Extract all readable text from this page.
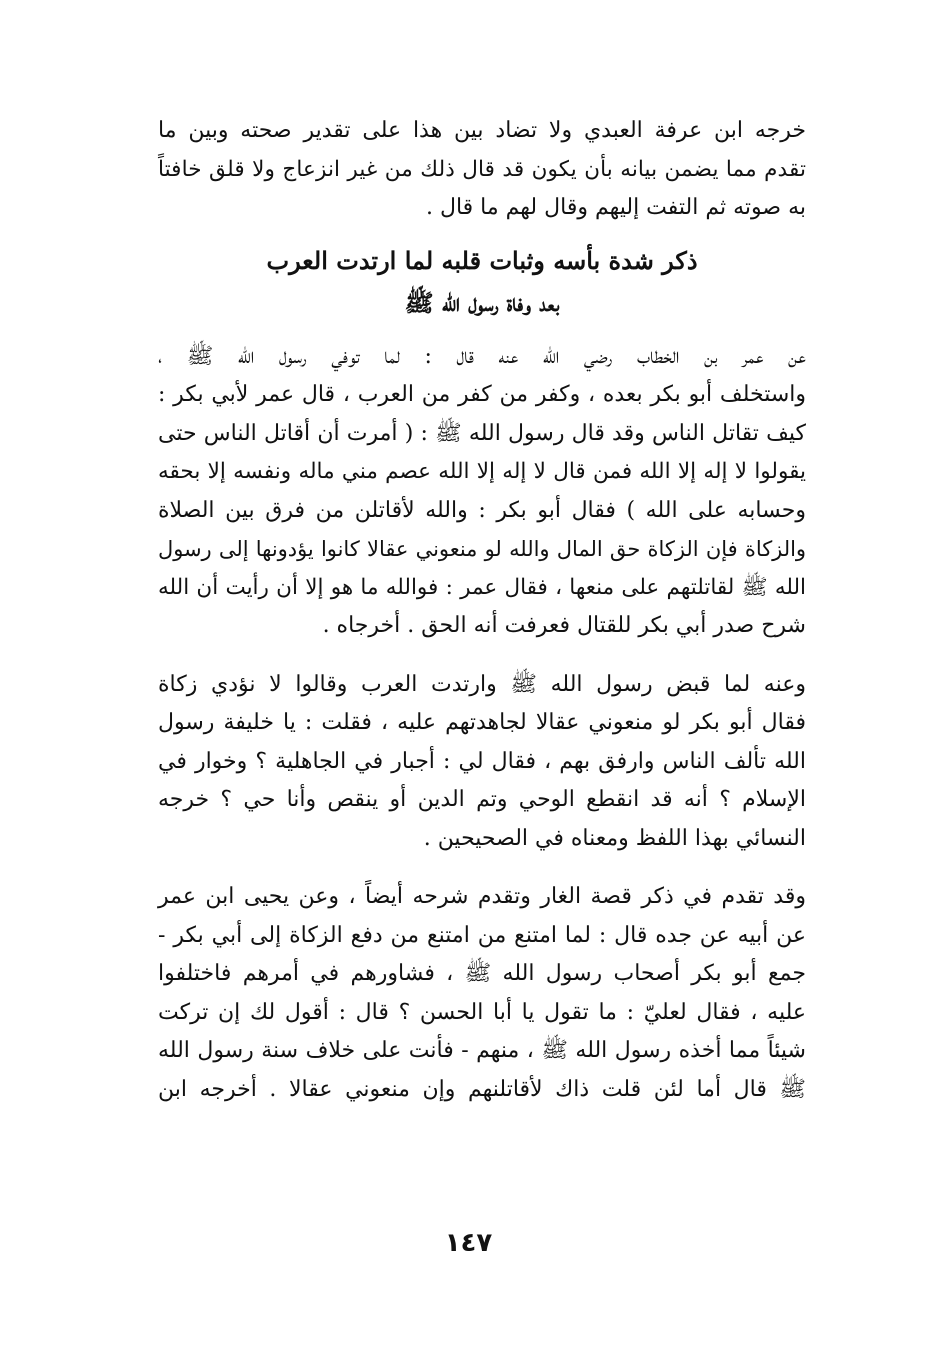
خرجه ابن عرفة العبدي ولا تضاد بين هذا على تقدير صحته وبين ما
تقدم مما يضمن بيانه بأن يكون قد قال ذلك من غير انزعاج ولا قلق خافتاً
به صوته ثم التفت إليهم وقال لهم ما قال .

ذكر شدة بأسه وثبات قلبه لما ارتدت العرب
بعد وفاة رسول الله ﷺ

عن عمر بن الخطاب رضي الله عنه قال : لما توفي رسول الله ﷺ ،
واستخلف أبو بكر بعده ، وكفر من كفر من العرب ، قال عمر لأبي بكر :
كيف تقاتل الناس وقد قال رسول الله ﷺ : ( أمرت أن أقاتل الناس حتى
يقولوا لا إله إلا الله فمن قال لا إله إلا الله عصم مني ماله ونفسه إلا بحقه
وحسابه على الله ) فقال أبو بكر : والله لأقاتلن من فرق بين الصلاة
والزكاة فإن الزكاة حق المال والله لو منعوني عقالا كانوا يؤدونها إلى رسول
الله ﷺ لقاتلتهم على منعها ، فقال عمر : فوالله ما هو إلا أن رأيت أن الله
شرح صدر أبي بكر للقتال فعرفت أنه الحق . أخرجاه .

وعنه لما قبض رسول الله ﷺ وارتدت العرب وقالوا لا نؤدي زكاة
فقال أبو بكر لو منعوني عقالا لجاهدتهم عليه ، فقلت : يا خليفة رسول
الله تألف الناس وارفق بهم ، فقال لي : أجبار في الجاهلية ؟ وخوار في
الإسلام ؟ أنه قد انقطع الوحي وتم الدين أو ينقص وأنا حي ؟ خرجه
النسائي بهذا اللفظ ومعناه في الصحيحين .

وقد تقدم في ذكر قصة الغار وتقدم شرحه أيضاً ، وعن يحيى ابن عمر
عن أبيه عن جده قال : لما امتنع من امتنع من دفع الزكاة إلى أبي بكر -
جمع أبو بكر أصحاب رسول الله ﷺ ، فشاورهم في أمرهم فاختلفوا
عليه ، فقال لعليّ : ما تقول يا أبا الحسن ؟ قال : أقول لك إن تركت
شيئاً مما أخذه رسول الله ﷺ ، منهم - فأنت على خلاف سنة رسول الله
ﷺ قال أما لئن قلت ذاك لأقاتلنهم وإن منعوني عقالا . أخرجه ابن

١٤٧
